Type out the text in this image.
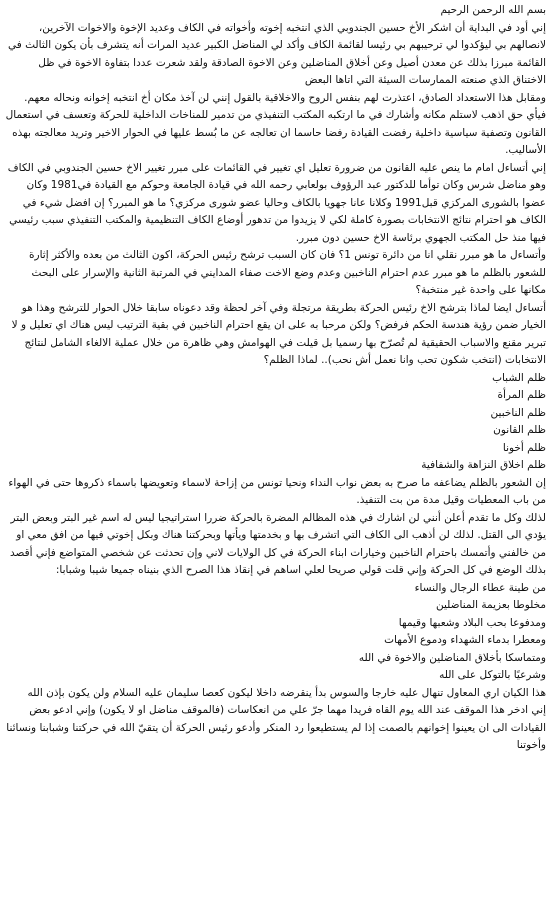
بسم الله الرحمن الرحيم

إني أود في البداية أن اشكر الأخ حسين الجندوبي الذي انتخبه إخوته وأخواته في الكاف وعديد الإخوة والاخوات الآخرين، لانصالهم بي ليؤكدوا لي ترحيبهم بي رئيسا لقائمة الكاف وأكد لي المناضل الكبير عديد المرات أنه يتشرف بأن يكون الثالث في القائمة مبرزا بذلك عن معدن أصيل وعن أخلاق المناضلين وعن الاخوة الصادقة ولقد شعرت عددا بتفاوة الاخوة في ظل الاختناق الذي صنعته الممارسات السيئة التي اتاها البعض

ومقابل هذا الاستعداد الصادق، اعتذرت لهم بنفس الروح والاخلاقية بالقول إنني لن آخذ مكان أخ انتخبه إخوانه ونحاله معهم.

فيأي حق اذهب لاستلم مكانه وأشارك في ما ارتكبه المكتب التنفيذي من تدمير للمناخات الداخلية للحركة وتعسف في استعمال القانون وتصفية سياسية داخلية رفضت القيادة رفضا حاسما ان تعالجه عن ما بُسط عليها في الحوار الاخير وتريد معالجته بهذه الأساليب.

إني أتساءل امام ما ينص عليه القانون من ضرورة تعليل اي تغيير في القائمات على مبرر تغيير الاخ حسين الجندوبي في الكاف وهو مناضل شرس وكان توأما للدكتور عبد الرؤوف بولعابي رحمه الله في قيادة الجامعة وحوكم مع القيادة في1981 وكان عضوا بالشورى المركزي قبل1991 وكلانا عانا جهويا بالكاف وحاليا عضو شورى مركزي؟ ما هو المبرر؟ إن افضل شيء في الكاف هو احترام نتائج الانتخابات بصورة كاملة لكي لا يزيدوا من تدهور أوضاع الكاف التنظيمية والمكتب التنفيذي سبب رئيسي فيها منذ حل المكتب الجهوي برئاسة الاخ حسين دون مبرر.

وأتساءل ما هو مبرر نقلي انا من دائرة تونس 1؟ فان كان السبب ترشح رئيس الحركة، اكون الثالث من بعده والأكثر إثارة للشعور بالظلم ما هو مبرر عدم احترام الناخبين وعدم وضع الاخت صفاء المدايني في المرتبة الثانية والإسرار على البحث مكانها على واحدة غير منتخبة؟

أتساءل ايضا لماذا بترشح الاخ رئيس الحركة بطريقة مرتجلة وفي آخر لحظة وقد دعوناه سابقا خلال الحوار للترشح وهذا هو الخيار ضمن رؤية هندسة الحكم فرفض؟ ولكن مرحبا به على ان يقع احترام الناخبين في بقية الترتيب ليس هناك اي تعليل و لا تبرير مقنع والاسباب الحقيقية لم تُصرّح بها رسميا بل قيلت في الهوامش وهي ظاهرة من خلال عملية الالغاء الشامل لنتائج الانتخابات (انتخب شكون تحب وانا نعمل أش نحب).. لماذا الظلم؟

ظلم الشباب

ظلم المرأة

ظلم الناخبين

ظلم القانون

ظلم أخونا

ظلم اخلاق النزاهة والشفافية

إن الشعور بالظلم يضاعفه ما صرح به بعض نواب النداء ونحيا تونس من إزاحة لاسماء وتعويضها باسماء ذكروها حتى في الهواء من باب المعطيات وقيل مدة من بت التنفيذ.

لذلك وكل ما تقدم أعلن أنني لن اشارك في هذه المظالم المضرة بالحركة ضررا استراتيجيا ليس له اسم غير البتر وبعض البتر يؤدي الى القتل. لذلك لن أذهب الى الكاف التي اتشرف بها و بخدمتها ويأتها وبحركتنا هناك وبكل إخوتي فيها من افق معي او من خالفني وأتمسك باحترام الناخبين وخيارات ابناء الحركة في كل الولايات لاني وإن تحدثت عن شخصي المتواضع فإني أقصد بذلك الوضع في كل الحركة وإني قلت قولي صريحا لعلي اساهم في إنقاذ هذا الصرح الذي بنيناه جميعا شيبا وشبابا:

من طينة عطاء الرجال والنساء

مخلوطا بعزيمة المناضلين

ومدفوعا بحب البلاد وشعبها وقيمها

ومعطرا بدماء الشهداء ودموع الأمهات

ومتماسكا بأخلاق المناضلين والاخوة في الله

وشرعيًا بالتوكل على الله

هذا الكيان اري المعاول تنهال عليه خارجا والسوس بدأ ينقرضه داخلا ليكون كعصا سليمان عليه السلام ولن يكون بإذن الله

إني ادخر هذا الموقف عند الله يوم القاه فريدا مهما جرّ علي من انعكاسات (فالموقف مناضل او لا يكون) وإني ادعو بعض القيادات الى ان يعينوا إخوانهم بالصمت إذا لم يستطيعوا رد المنكر وأدعو رئيس الحركة أن يتقيّ الله في حركتنا وشبابنا ونسائنا وأخوتنا
